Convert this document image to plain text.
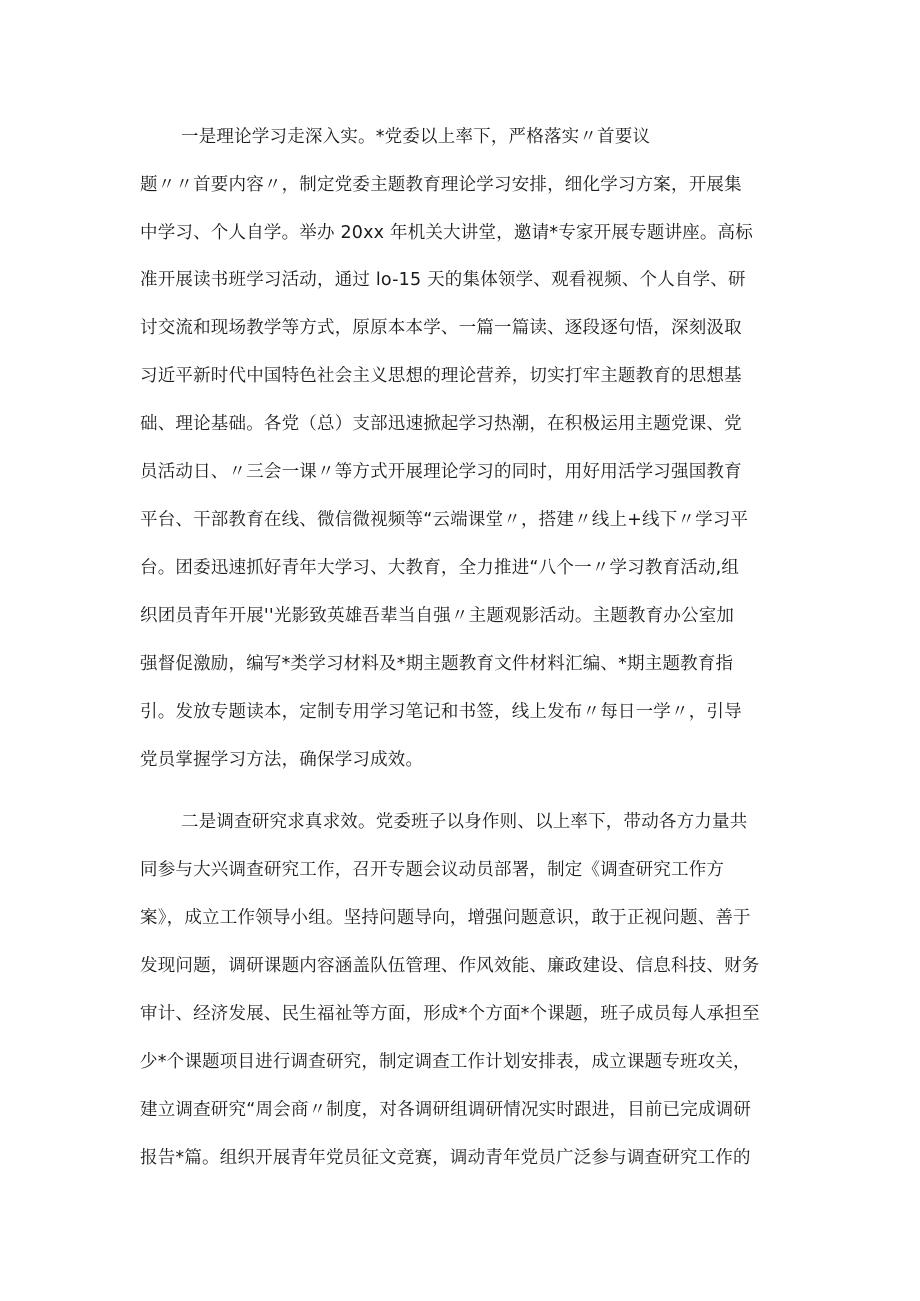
一是理论学习走深入实。*党委以上率下，严格落实〃首要议
题〃〃首要内容〃，制定党委主题教育理论学习安排，细化学习方案，开展集
中学习、个人自学。举办 20xx 年机关大讲堂，邀请*专家开展专题讲座。高标
准开展读书班学习活动，通过 lo-15 天的集体领学、观看视频、个人自学、研
讨交流和现场教学等方式，原原本本学、一篇一篇读、逐段逐句悟，深刻汲取
习近平新时代中国特色社会主义思想的理论营养，切实打牢主题教育的思想基
础、理论基础。各党（总）支部迅速掀起学习热潮，在积极运用主题党课、党
员活动日、〃三会一课〃等方式开展理论学习的同时，用好用活学习强国教育
平台、干部教育在线、微信微视频等“云端课堂〃，搭建〃线上+线下〃学习平
台。团委迅速抓好青年大学习、大教育，全力推进“八个一〃学习教育活动,组
织团员青年开展''光影致英雄吾辈当自强〃主题观影活动。主题教育办公室加
强督促激励，编写*类学习材料及*期主题教育文件材料汇编、*期主题教育指
引。发放专题读本，定制专用学习笔记和书签，线上发布〃每日一学〃，引导
党员掌握学习方法，确保学习成效。
二是调查研究求真求效。党委班子以身作则、以上率下，带动各方力量共
同参与大兴调查研究工作，召开专题会议动员部署，制定《调查研究工作方
案》，成立工作领导小组。坚持问题导向，增强问题意识，敢于正视问题、善于
发现问题，调研课题内容涵盖队伍管理、作风效能、廉政建设、信息科技、财务
审计、经济发展、民生福祉等方面，形成*个方面*个课题，班子成员每人承担至
少*个课题项目进行调查研究，制定调查工作计划安排表，成立课题专班攻关，
建立调查研究“周会商〃制度，对各调研组调研情况实时跟进，目前已完成调研
报告*篇。组织开展青年党员征文竞赛，调动青年党员广泛参与调查研究工作的
